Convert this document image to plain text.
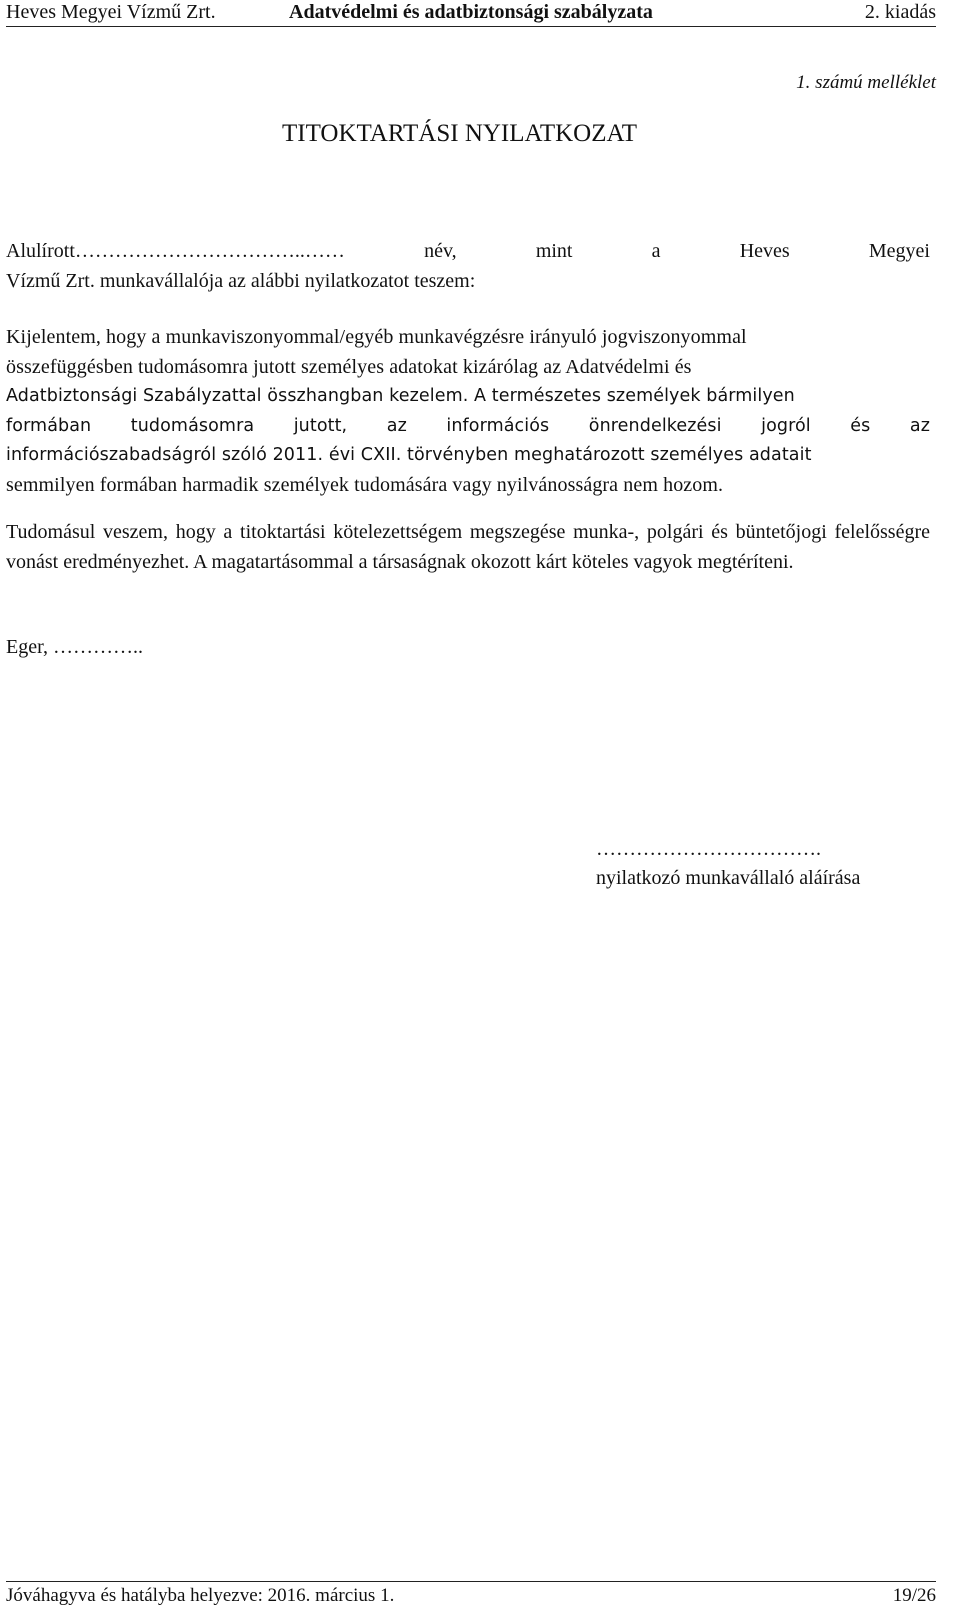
Heves Megyei Vízmű Zrt.	Adatvédelmi és adatbiztonsági szabályzata	2. kiadás
1. számú melléklet
TITOKTARTÁSI NYILATKOZAT
Alulírott……………………………..……	név,	mint	a	Heves	Megyei
Vízmű Zrt. munkavállalója az alábbi nyilatkozatot teszem:
Kijelentem, hogy a munkaviszonyommal/egyéb munkavégzésre irányuló jogviszonyommal
összefüggésben tudomásomra jutott személyes adatokat kizárólag az Adatvédelmi és
Adatbiztonsági Szabályzattal összhangban kezelem. A természetes személyek bármilyen
formában tudomásomra jutott, az információs önrendelkezési jogról és az
információszabadságról szóló 2011. évi CXII. törvényben meghatározott személyes adatait
semmilyen formában harmadik személyek tudomására vagy nyilvánosságra nem hozom.

Tudomásul veszem, hogy a titoktartási kötelezettségem megszegése munka-, polgári és büntetőjogi felelősségre vonást eredményezhet. A magatartásommal a társaságnak okozott kárt köteles vagyok megtéríteni.

Eger, …………..
…………………………….
nyilatkozó munkavállaló aláírása
Jóváhagyva és hatályba helyezve: 2016. március 1.	19/26
